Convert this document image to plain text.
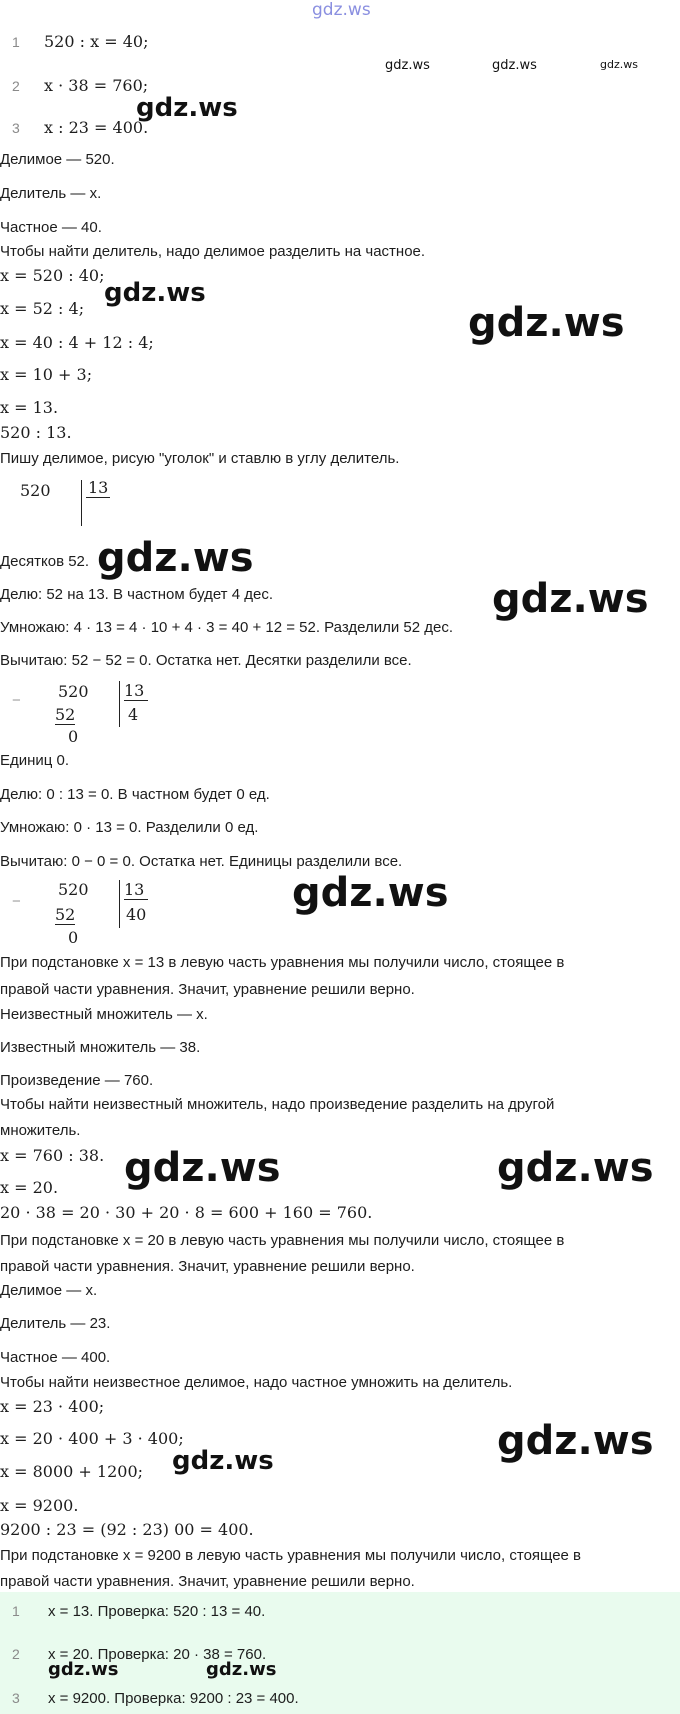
1 520 : x = 40;
2 x · 38 = 760;
3 x : 23 = 400.
Делимое — 520.
Делитель — x.
Частное — 40.
Чтобы найти делитель, надо делимое разделить на частное.
x = 520 : 40;
x = 52 : 4;
x = 40 : 4 + 12 : 4;
x = 10 + 3;
x = 13.
520 : 13.
Пишу делимое, рисую "уголок" и ставлю в углу делитель.
520 13
Десятков 52.
Делю: 52 на 13. В частном будет 4 дес.
Умножаю: 4 · 13 = 4 · 10 + 4 · 3 = 40 + 12 = 52. Разделили 52 дес.
Вычитаю: 52 − 52 = 0. Остатка нет. Десятки разделили все.
− 520
52
0
13
4
Единиц 0.
Делю: 0 : 13 = 0. В частном будет 0 ед.
Умножаю: 0 · 13 = 0. Разделили 0 ед.
Вычитаю: 0 − 0 = 0. Остатка нет. Единицы разделили все.
−
520
52
0
13
40
При подстановке x = 13 в левую часть уравнения мы получили число, стоящее в
правой части уравнения. Значит, уравнение решили верно.
Неизвестный множитель — x.
Известный множитель — 38.
Произведение — 760.
Чтобы найти неизвестный множитель, надо произведение разделить на другой
множитель.
x = 760 : 38.
x = 20.
20 · 38 = 20 · 30 + 20 · 8 = 600 + 160 = 760.
При подстановке x = 20 в левую часть уравнения мы получили число, стоящее в
правой части уравнения. Значит, уравнение решили верно.
Делимое — x.
Делитель — 23.
Частное — 400.
Чтобы найти неизвестное делимое, надо частное умножить на делитель.
x = 23 · 400;
x = 20 · 400 + 3 · 400;
x = 8000 + 1200;
x = 9200.
9200 : 23 = (92 : 23) 00 = 400.
При подстановке x = 9200 в левую часть уравнения мы получили число, стоящее в
правой части уравнения. Значит, уравнение решили верно.
1 x = 13. Проверка: 520 : 13 = 40.
2 x = 20. Проверка: 20 · 38 = 760.
3 x = 9200. Проверка: 9200 : 23 = 400.
gdz.ws
gdz.ws	gdz.ws	gdz.ws
gdz.ws
gdz.ws
gdz.ws
gdz.ws
gdz.ws
gdz.ws
gdz.ws	gdz.ws
gdz.ws	gdz.ws
gdz.ws	gdz.ws
